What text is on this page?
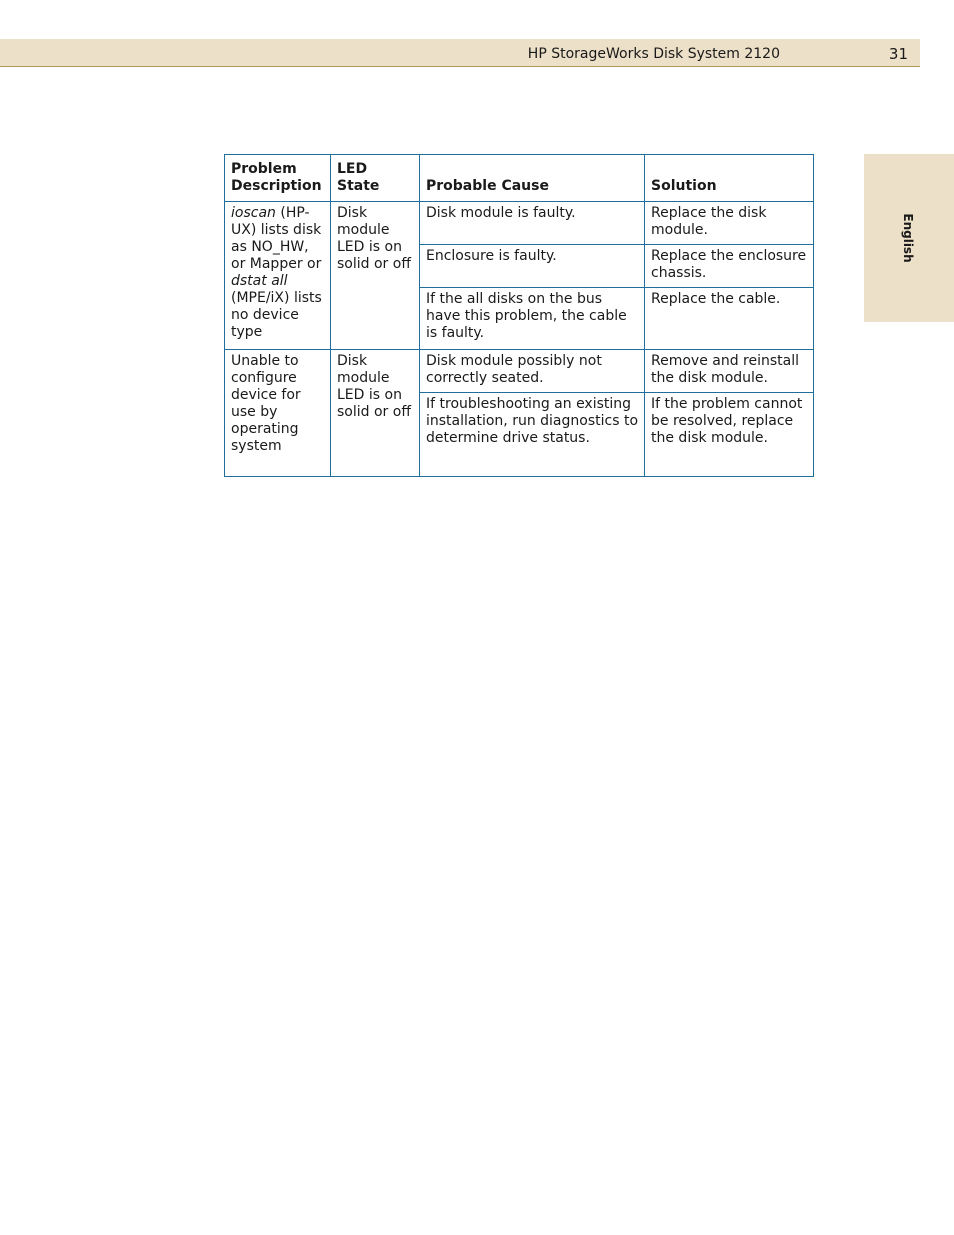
HP StorageWorks Disk System 2120	31
English
Problem Description	LED State	Probable Cause	Solution
ioscan (HP-UX) lists disk as NO_HW, or Mapper or dstat all (MPE/iX) lists no device type	Disk module LED is on solid or off	Disk module is faulty.	Replace the disk module.
		Enclosure is faulty.	Replace the enclosure chassis.
		If the all disks on the bus have this problem, the cable is faulty.	Replace the cable.
Unable to configure device for use by operating system	Disk module LED is on solid or off	Disk module possibly not correctly seated.	Remove and reinstall the disk module.
		If troubleshooting an existing installation, run diagnostics to determine drive status.	If the problem cannot be resolved, replace the disk module.
